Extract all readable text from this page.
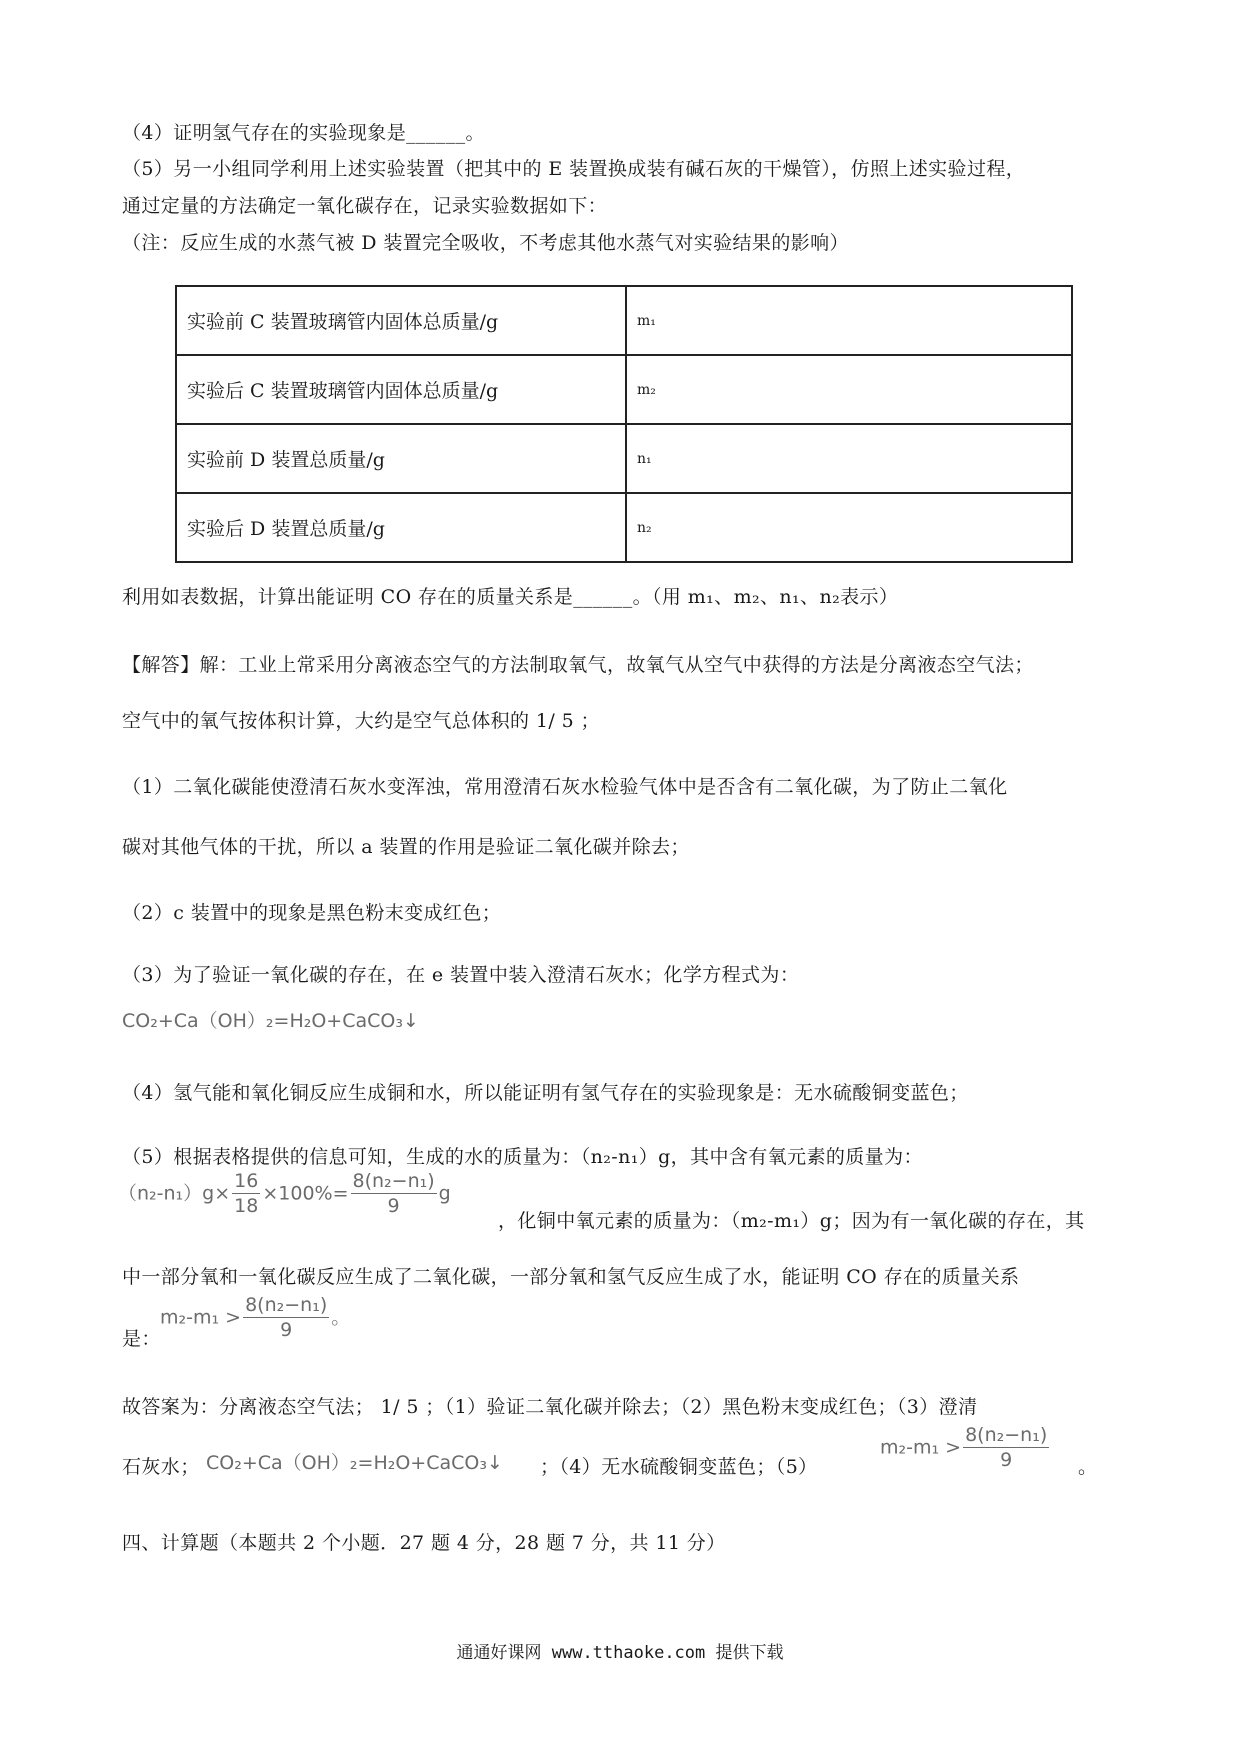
（4）证明氢气存在的实验现象是______。
（5）另一小组同学利用上述实验装置（把其中的 E 装置换成装有碱石灰的干燥管），仿照上述实验过程，
通过定量的方法确定一氧化碳存在，记录实验数据如下：
（注：反应生成的水蒸气被 D 装置完全吸收，不考虑其他水蒸气对实验结果的影响）
实验前 C 装置玻璃管内固体总质量/g	m₁
实验后 C 装置玻璃管内固体总质量/g	m₂
实验前 D 装置总质量/g	n₁
实验后 D 装置总质量/g	n₂
利用如表数据，计算出能证明 CO 存在的质量关系是______。（用 m₁、m₂、n₁、n₂表示）
【解答】解：工业上常采用分离液态空气的方法制取氧气，故氧气从空气中获得的方法是分离液态空气法；
空气中的氧气按体积计算，大约是空气总体积的 1/ 5 ；
（1）二氧化碳能使澄清石灰水变浑浊，常用澄清石灰水检验气体中是否含有二氧化碳，为了防止二氧化
碳对其他气体的干扰，所以 a 装置的作用是验证二氧化碳并除去；
（2）c 装置中的现象是黑色粉末变成红色；
（3）为了验证一氧化碳的存在，在 e 装置中装入澄清石灰水；化学方程式为：
CO₂+Ca（OH）₂=H₂O+CaCO₃↓
（4）氢气能和氧化铜反应生成铜和水，所以能证明有氢气存在的实验现象是：无水硫酸铜变蓝色；
（5）根据表格提供的信息可知，生成的水的质量为：（n₂-n₁）g，其中含有氧元素的质量为：
$(n_2-n_1)g\times \frac{16}{18} \times 100\%= \frac{\text{8(n₂−n₁)}}{9}$ g
，化铜中氧元素的质量为：（m₂-m₁）g；因为有一氧化碳的存在，其
中一部分氧和一氧化碳反应生成了二氧化碳，一部分氧和氢气反应生成了水，能证明 CO 存在的质量关系
是：
$m_2-m_1 > \frac{\text{8(n₂−n₁)}}{9}$ 。
故答案为：分离液态空气法； 1/ 5 ；（1）验证二氧化碳并除去；（2）黑色粉末变成红色；（3）澄清
石灰水； CO₂+Ca（OH）₂=H₂O+CaCO₃↓ ；（4）无水硫酸铜变蓝色；（5）
$m_2-m_1 > \frac{\text{8(n₂−n₁)}}{9}$ 。
四、计算题（本题共 2 个小题．27 题 4 分，28 题 7 分，共 11 分）
通通好课网 www.tthaoke.com 提供下载
